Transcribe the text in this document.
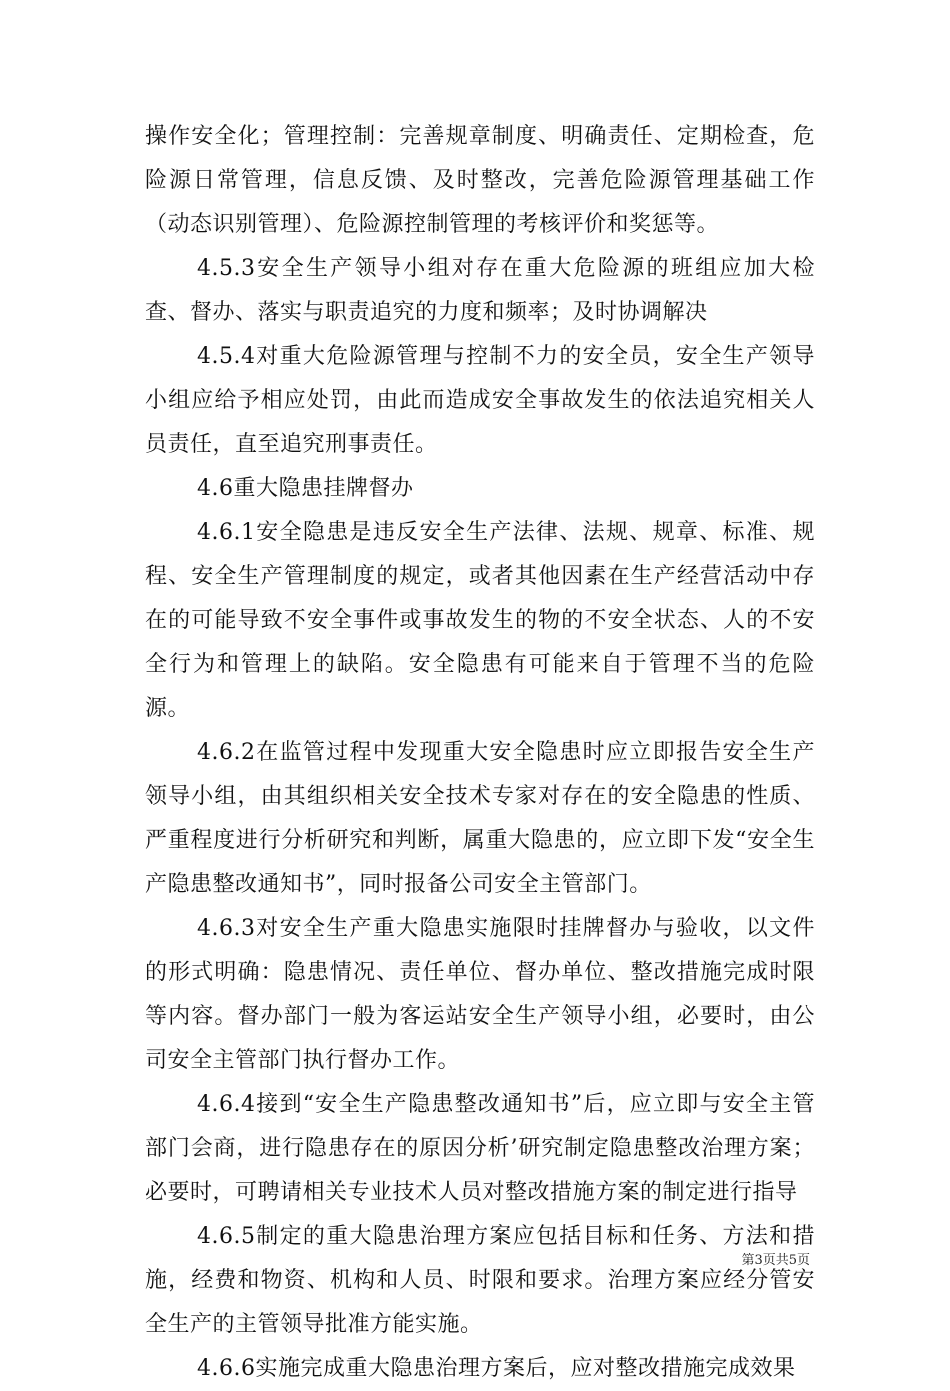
操作安全化；管理控制：完善规章制度、明确责任、定期检查，危险源日常管理，信息反馈、及时整改，完善危险源管理基础工作（动态识别管理）、危险源控制管理的考核评价和奖惩等。

4.5.3安全生产领导小组对存在重大危险源的班组应加大检查、督办、落实与职责追究的力度和频率；及时协调解决

4.5.4对重大危险源管理与控制不力的安全员，安全生产领导小组应给予相应处罚，由此而造成安全事故发生的依法追究相关人员责任，直至追究刑事责任。

4.6重大隐患挂牌督办

4.6.1安全隐患是违反安全生产法律、法规、规章、标准、规程、安全生产管理制度的规定，或者其他因素在生产经营活动中存在的可能导致不安全事件或事故发生的物的不安全状态、人的不安全行为和管理上的缺陷。安全隐患有可能来自于管理不当的危险源。

4.6.2在监管过程中发现重大安全隐患时应立即报告安全生产领导小组，由其组织相关安全技术专家对存在的安全隐患的性质、严重程度进行分析研究和判断，属重大隐患的，应立即下发“安全生产隐患整改通知书”，同时报备公司安全主管部门。

4.6.3对安全生产重大隐患实施限时挂牌督办与验收，以文件的形式明确：隐患情况、责任单位、督办单位、整改措施完成时限等内容。督办部门一般为客运站安全生产领导小组，必要时，由公司安全主管部门执行督办工作。

4.6.4接到“安全生产隐患整改通知书”后，应立即与安全主管部门会商，进行隐患存在的原因分析’研究制定隐患整改治理方案；必要时，可聘请相关专业技术人员对整改措施方案的制定进行指导

4.6.5制定的重大隐患治理方案应包括目标和任务、方法和措施，经费和物资、机构和人员、时限和要求。治理方案应经分管安全生产的主管领导批准方能实施。

4.6.6实施完成重大隐患治理方案后，应对整改措施完成效果

第3页共5页
